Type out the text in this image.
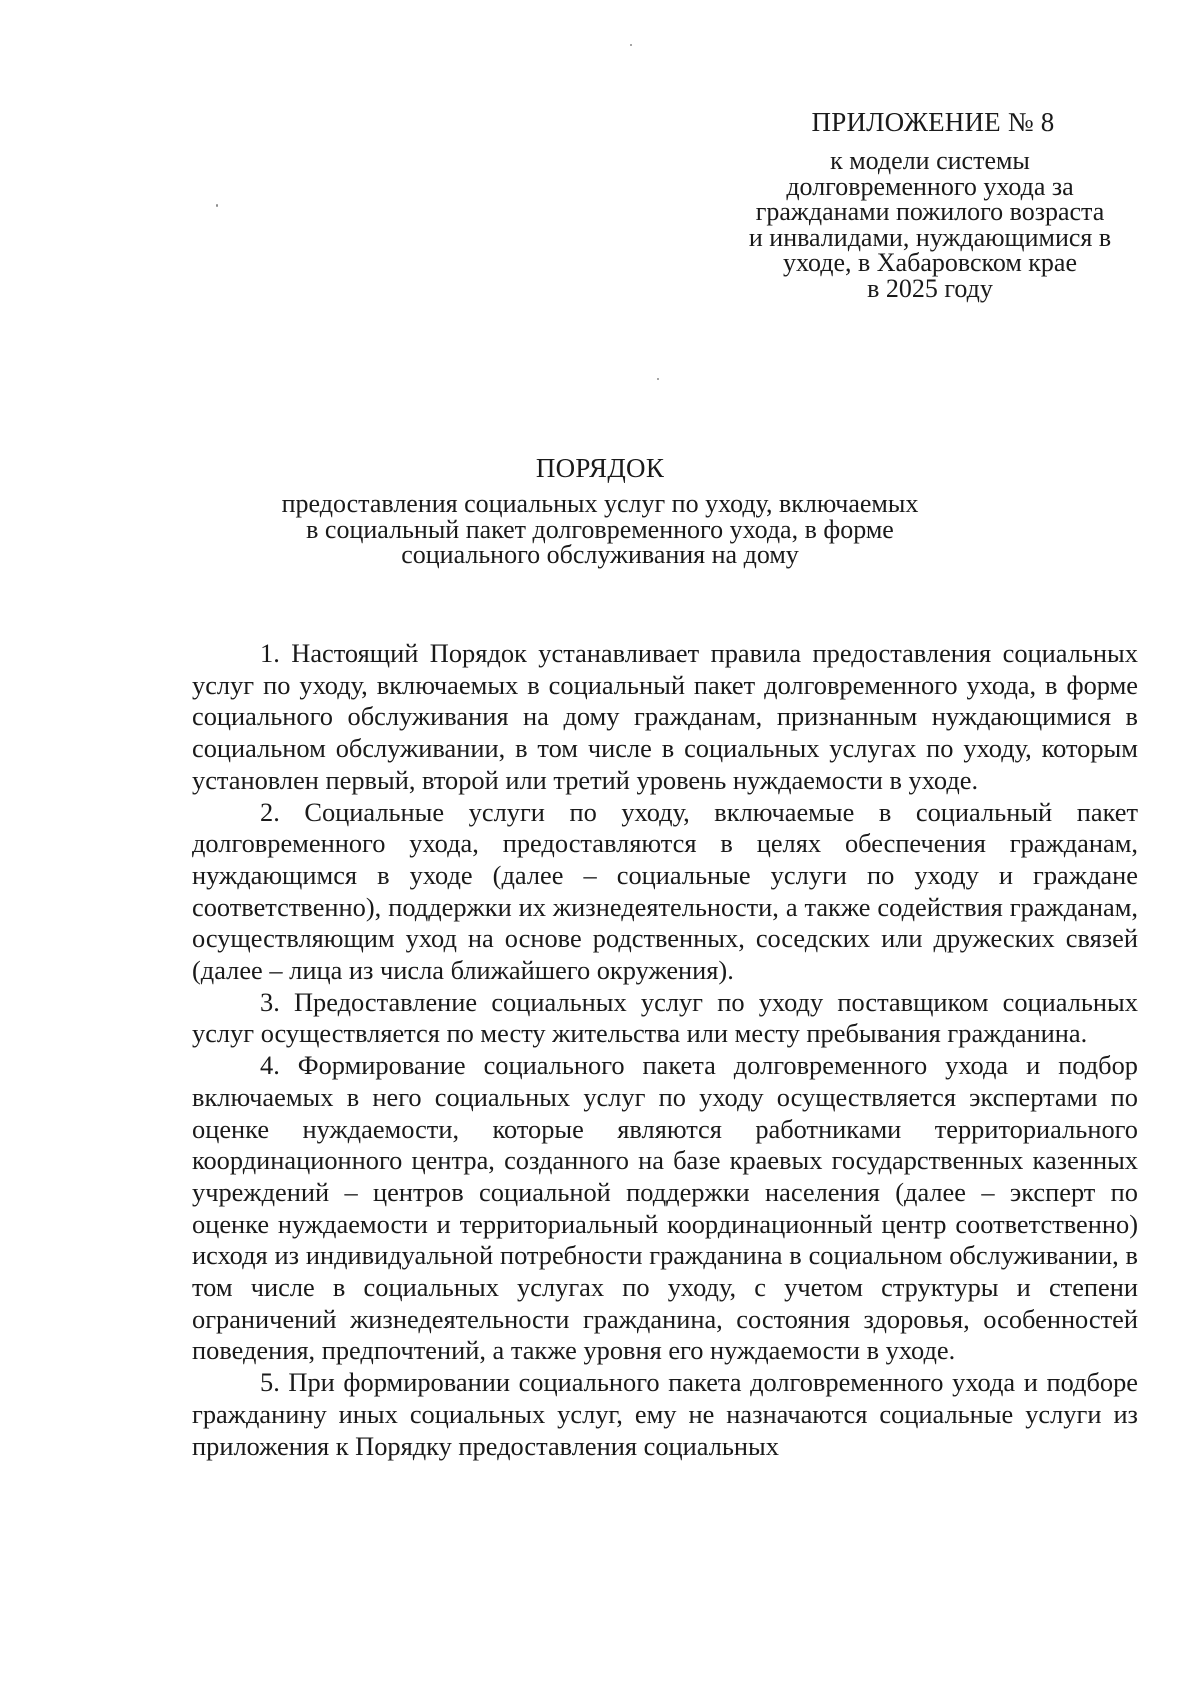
ПРИЛОЖЕНИЕ № 8

к модели системы

долговременного ухода за

гражданами пожилого возраста

и инвалидами, нуждающимися в

уходе, в Хабаровском крае

в 2025 году

ПОРЯДОК

предоставления социальных услуг по уходу, включаемых

в социальный пакет долговременного ухода, в форме

социального обслуживания на дому

1. Настоящий Порядок устанавливает правила предоставления социальных услуг по уходу, включаемых в социальный пакет долговременного ухода, в форме социального обслуживания на дому гражданам, признанным нуждающимися в социальном обслуживании, в том числе в социальных услугах по уходу, которым установлен первый, второй или третий уровень нуждаемости в уходе.

2. Социальные услуги по уходу, включаемые в социальный пакет долговременного ухода, предоставляются в целях обеспечения гражданам, нуждающимся в уходе (далее – социальные услуги по уходу и граждане соответственно), поддержки их жизнедеятельности, а также содействия гражданам, осуществляющим уход на основе родственных, соседских или дружеских связей (далее – лица из числа ближайшего окружения).

3. Предоставление социальных услуг по уходу поставщиком социальных услуг осуществляется по месту жительства или месту пребывания гражданина.

4. Формирование социального пакета долговременного ухода и подбор включаемых в него социальных услуг по уходу осуществляется экспертами по оценке нуждаемости, которые являются работниками территориального координационного центра, созданного на базе краевых государственных казенных учреждений – центров социальной поддержки населения (далее – эксперт по оценке нуждаемости и территориальный координационный центр соответственно) исходя из индивидуальной потребности гражданина в социальном обслуживании, в том числе в социальных услугах по уходу, с учетом структуры и степени ограничений жизнедеятельности гражданина, состояния здоровья, особенностей поведения, предпочтений, а также уровня его нуждаемости в уходе.

5. При формировании социального пакета долговременного ухода и подборе гражданину иных социальных услуг, ему не назначаются социальные услуги из приложения к Порядку предоставления социальных
